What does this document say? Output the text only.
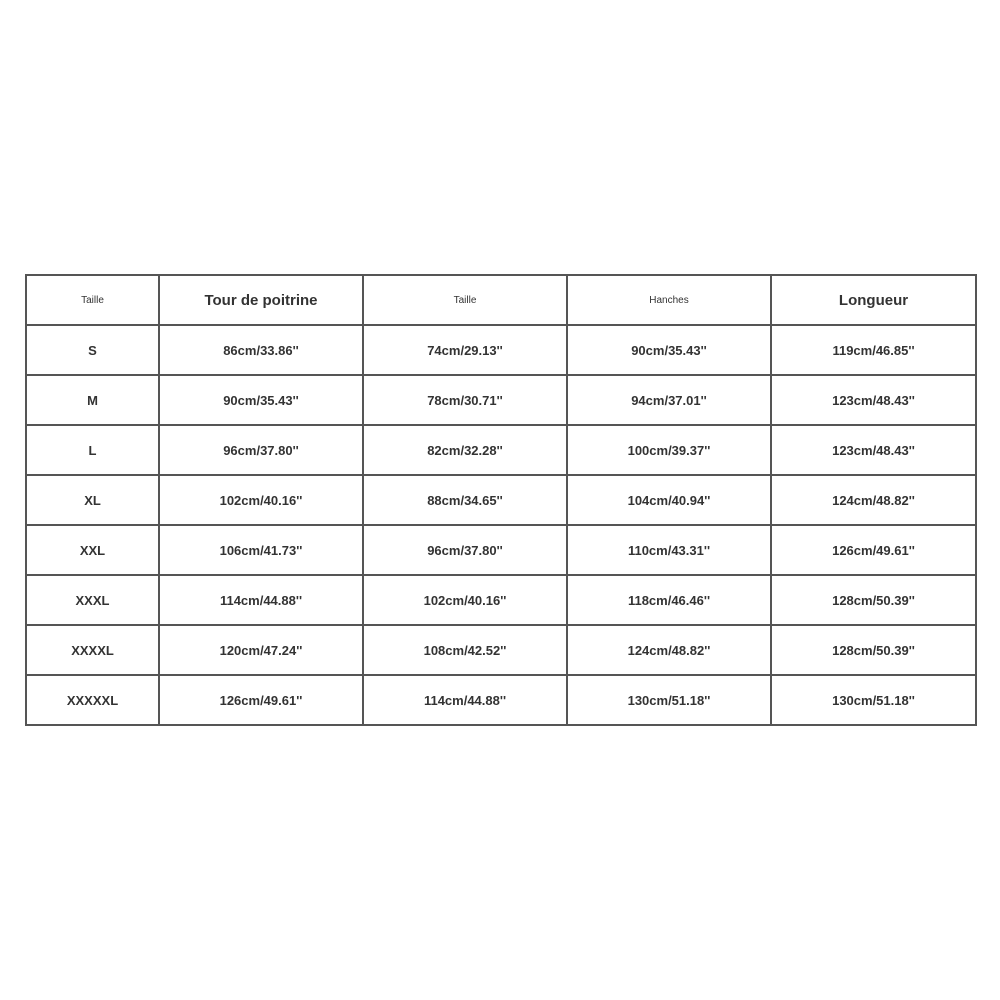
Taille	Tour de poitrine	Taille	Hanches	Longueur
S	86cm/33.86''	74cm/29.13''	90cm/35.43''	119cm/46.85''
M	90cm/35.43''	78cm/30.71''	94cm/37.01''	123cm/48.43''
L	96cm/37.80''	82cm/32.28''	100cm/39.37''	123cm/48.43''
XL	102cm/40.16''	88cm/34.65''	104cm/40.94''	124cm/48.82''
XXL	106cm/41.73''	96cm/37.80''	110cm/43.31''	126cm/49.61''
XXXL	114cm/44.88''	102cm/40.16''	118cm/46.46''	128cm/50.39''
XXXXL	120cm/47.24''	108cm/42.52''	124cm/48.82''	128cm/50.39''
XXXXXL	126cm/49.61''	114cm/44.88''	130cm/51.18''	130cm/51.18''
